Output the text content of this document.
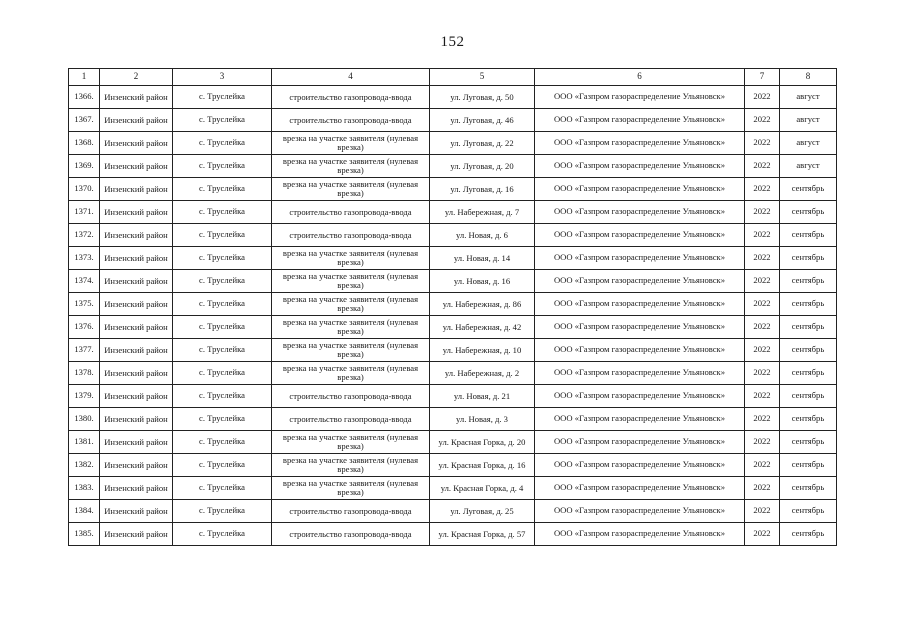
152
1	2	3	4	5	6	7	8
1366.	Инзенский район	с. Труслейка	строительство газопровода-ввода	ул. Луговая, д. 50	ООО «Газпром газораспределение Ульяновск»	2022	август
1367.	Инзенский район	с. Труслейка	строительство газопровода-ввода	ул. Луговая, д. 46	ООО «Газпром газораспределение Ульяновск»	2022	август
1368.	Инзенский район	с. Труслейка	врезка на участке заявителя (нулевая врезка)	ул. Луговая, д. 22	ООО «Газпром газораспределение Ульяновск»	2022	август
1369.	Инзенский район	с. Труслейка	врезка на участке заявителя (нулевая врезка)	ул. Луговая, д. 20	ООО «Газпром газораспределение Ульяновск»	2022	август
1370.	Инзенский район	с. Труслейка	врезка на участке заявителя (нулевая врезка)	ул. Луговая, д. 16	ООО «Газпром газораспределение Ульяновск»	2022	сентябрь
1371.	Инзенский район	с. Труслейка	строительство газопровода-ввода	ул. Набережная, д. 7	ООО «Газпром газораспределение Ульяновск»	2022	сентябрь
1372.	Инзенский район	с. Труслейка	строительство газопровода-ввода	ул. Новая, д. 6	ООО «Газпром газораспределение Ульяновск»	2022	сентябрь
1373.	Инзенский район	с. Труслейка	врезка на участке заявителя (нулевая врезка)	ул. Новая, д. 14	ООО «Газпром газораспределение Ульяновск»	2022	сентябрь
1374.	Инзенский район	с. Труслейка	врезка на участке заявителя (нулевая врезка)	ул. Новая, д. 16	ООО «Газпром газораспределение Ульяновск»	2022	сентябрь
1375.	Инзенский район	с. Труслейка	врезка на участке заявителя (нулевая врезка)	ул. Набережная, д. 86	ООО «Газпром газораспределение Ульяновск»	2022	сентябрь
1376.	Инзенский район	с. Труслейка	врезка на участке заявителя (нулевая врезка)	ул. Набережная, д. 42	ООО «Газпром газораспределение Ульяновск»	2022	сентябрь
1377.	Инзенский район	с. Труслейка	врезка на участке заявителя (нулевая врезка)	ул. Набережная, д. 10	ООО «Газпром газораспределение Ульяновск»	2022	сентябрь
1378.	Инзенский район	с. Труслейка	врезка на участке заявителя (нулевая врезка)	ул. Набережная, д. 2	ООО «Газпром газораспределение Ульяновск»	2022	сентябрь
1379.	Инзенский район	с. Труслейка	строительство газопровода-ввода	ул. Новая, д. 21	ООО «Газпром газораспределение Ульяновск»	2022	сентябрь
1380.	Инзенский район	с. Труслейка	строительство газопровода-ввода	ул. Новая, д. 3	ООО «Газпром газораспределение Ульяновск»	2022	сентябрь
1381.	Инзенский район	с. Труслейка	врезка на участке заявителя (нулевая врезка)	ул. Красная Горка, д. 20	ООО «Газпром газораспределение Ульяновск»	2022	сентябрь
1382.	Инзенский район	с. Труслейка	врезка на участке заявителя (нулевая врезка)	ул. Красная Горка, д. 16	ООО «Газпром газораспределение Ульяновск»	2022	сентябрь
1383.	Инзенский район	с. Труслейка	врезка на участке заявителя (нулевая врезка)	ул. Красная Горка, д. 4	ООО «Газпром газораспределение Ульяновск»	2022	сентябрь
1384.	Инзенский район	с. Труслейка	строительство газопровода-ввода	ул. Луговая, д. 25	ООО «Газпром газораспределение Ульяновск»	2022	сентябрь
1385.	Инзенский район	с. Труслейка	строительство газопровода-ввода	ул. Красная Горка, д. 57	ООО «Газпром газораспределение Ульяновск»	2022	сентябрь
